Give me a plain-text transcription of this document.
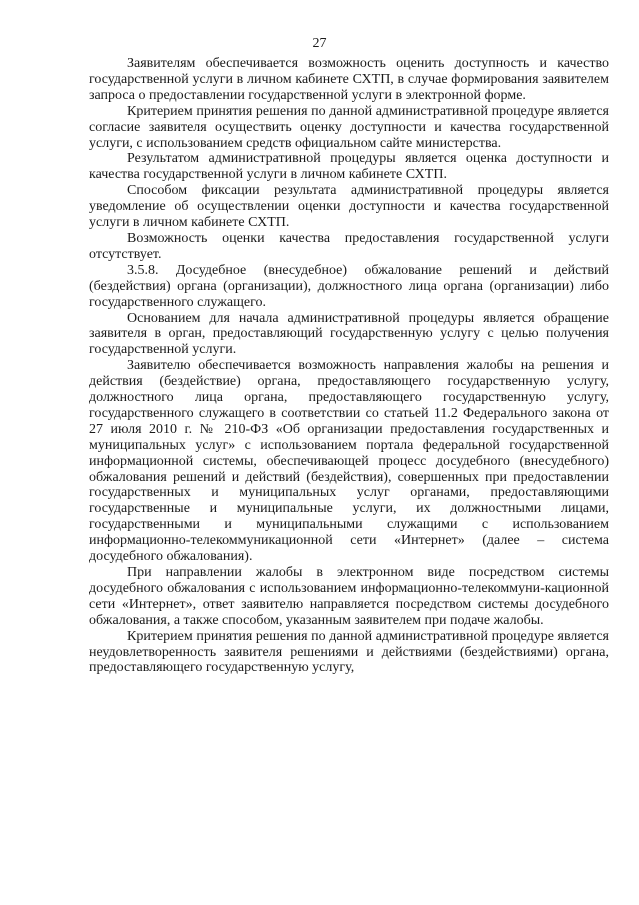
27

Заявителям обеспечивается возможность оценить доступность и качество государственной услуги в личном кабинете СХТП, в случае формирования заявителем запроса о предоставлении государственной услуги в электронной форме.

Критерием принятия решения по данной административной процедуре является согласие заявителя осуществить оценку доступности и качества государственной услуги, с использованием средств официальном сайте министерства.

Результатом административной процедуры является оценка доступности и качества государственной услуги в личном кабинете СХТП.

Способом фиксации результата административной процедуры является уведомление об осуществлении оценки доступности и качества государственной услуги в личном кабинете СХТП.

Возможность оценки качества предоставления государственной услуги отсутствует.

3.5.8. Досудебное (внесудебное) обжалование решений и действий (бездействия) органа (организации), должностного лица органа (организации) либо государственного служащего.

Основанием для начала административной процедуры является обращение заявителя в орган, предоставляющий государственную услугу с целью получения государственной услуги.

Заявителю обеспечивается возможность направления жалобы на решения и действия (бездействие) органа, предоставляющего государственную услугу, должностного лица органа, предоставляющего государственную услугу, государственного служащего в соответствии со статьей 11.2 Федерального закона от 27 июля 2010 г. № 210-ФЗ «Об организации предоставления государственных и муниципальных услуг» с использованием портала федеральной государственной информационной системы, обеспечивающей процесс досудебного (внесудебного) обжалования решений и действий (бездействия), совершенных при предоставлении государственных и муниципальных услуг органами, предоставляющими государственные и муниципальные услуги, их должностными лицами, государственными и муниципальными служащими с использованием информационно-телекоммуникационной сети «Интернет» (далее – система досудебного обжалования).

При направлении жалобы в электронном виде посредством системы досудебного обжалования с использованием информационно-телекоммуни-кационной сети «Интернет», ответ заявителю направляется посредством системы досудебного обжалования, а также способом, указанным заявителем при подаче жалобы.

Критерием принятия решения по данной административной процедуре является неудовлетворенность заявителя решениями и действиями (бездействиями) органа, предоставляющего государственную услугу,
